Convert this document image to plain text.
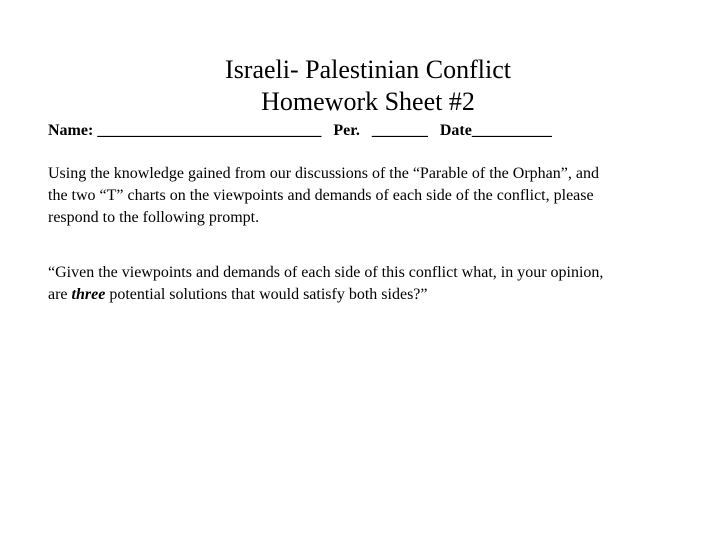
Israeli- Palestinian Conflict
Homework Sheet #2
Name: ____________________________ Per. _______ Date__________
Using the knowledge gained from our discussions of the “Parable of the Orphan”, and
the two “T” charts on the viewpoints and demands of each side of the conflict, please
respond to the following prompt.
“Given the viewpoints and demands of each side of this conflict what, in your opinion,
are three potential solutions that would satisfy both sides?”
